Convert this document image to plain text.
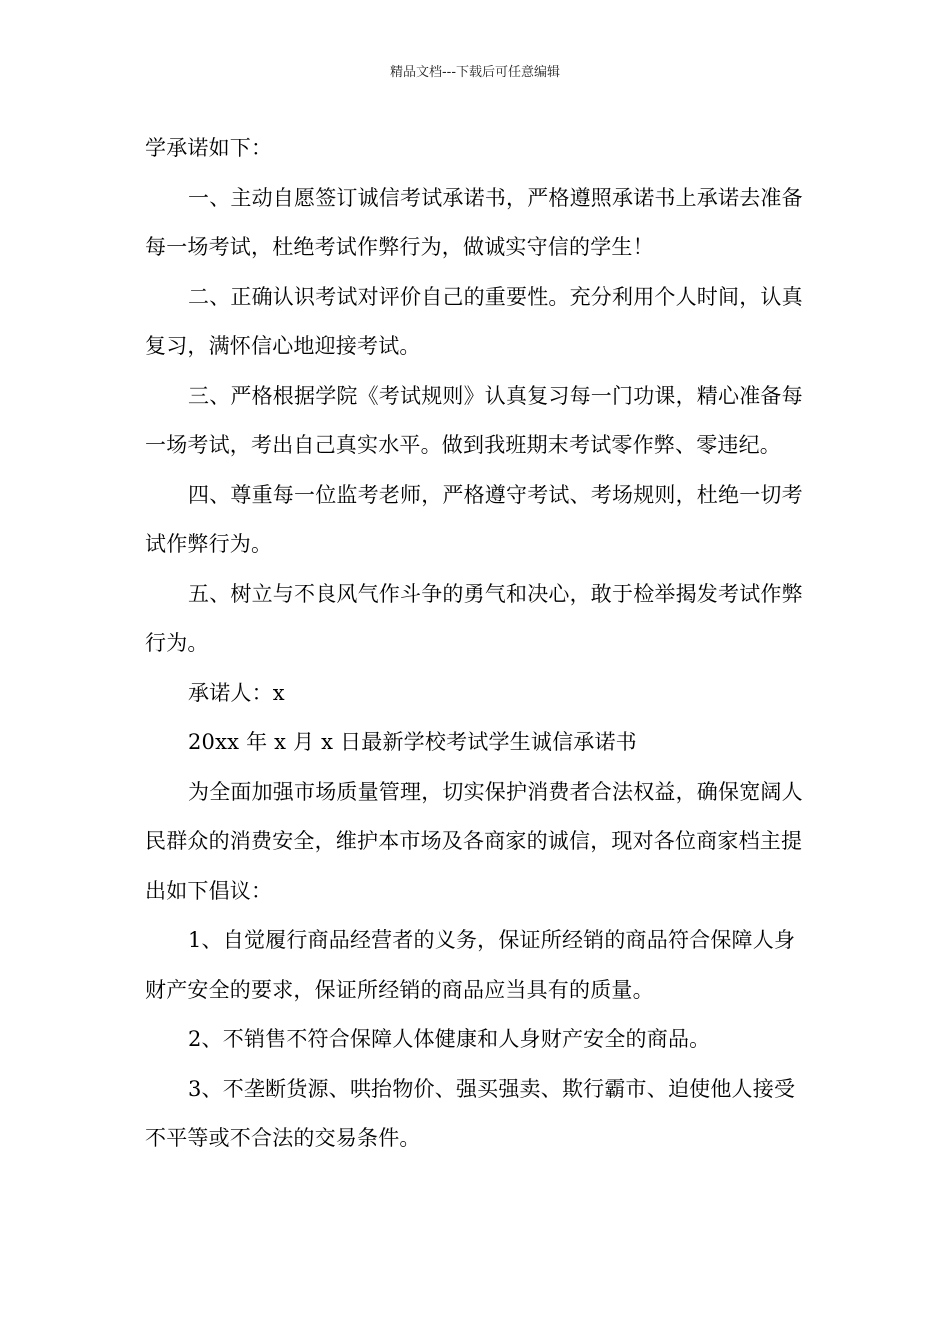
精品文档---下载后可任意编辑

学承诺如下：

一、主动自愿签订诚信考试承诺书，严格遵照承诺书上承诺去准备每一场考试，杜绝考试作弊行为，做诚实守信的学生！

二、正确认识考试对评价自己的重要性。充分利用个人时间，认真复习，满怀信心地迎接考试。

三、严格根据学院《考试规则》认真复习每一门功课，精心准备每一场考试，考出自己真实水平。做到我班期末考试零作弊、零违纪。

四、尊重每一位监考老师，严格遵守考试、考场规则，杜绝一切考试作弊行为。

五、树立与不良风气作斗争的勇气和决心，敢于检举揭发考试作弊行为。

承诺人：x

20xx 年 x 月 x 日最新学校考试学生诚信承诺书

为全面加强市场质量管理，切实保护消费者合法权益，确保宽阔人民群众的消费安全，维护本市场及各商家的诚信，现对各位商家档主提出如下倡议：

1、自觉履行商品经营者的义务，保证所经销的商品符合保障人身财产安全的要求，保证所经销的商品应当具有的质量。

2、不销售不符合保障人体健康和人身财产安全的商品。

3、不垄断货源、哄抬物价、强买强卖、欺行霸市、迫使他人接受不平等或不合法的交易条件。
